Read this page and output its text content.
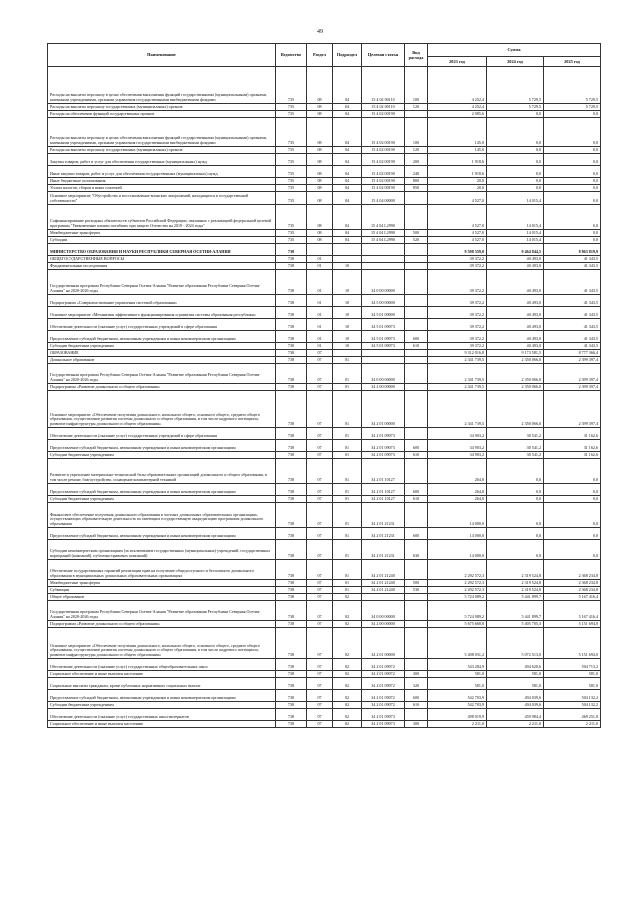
49
Наименование	Ведомство	Раздел	Подраздел	Целевая статья	Вид расхода	Сумма		
						2023 год	2024 год	2025 год
Расходы на выплаты персоналу в целях обеспечения выполнения функций государственными (муниципальными) органами, казенными учреждениями, органами управления государственными внебюджетными фондами	735	08	04	15 4 02 00110	100	4 252,4	5 729,5	5 729,5
Расходы на выплаты персоналу государственных (муниципальных) органов	735	08	04	15 4 02 00110	120	4 252,4	5 729,5	5 729,5
Расходы на обеспечение функций государственных органов	735	08	04	15 4 02 00190		2 085,6	0,0	0,0
Расходы на выплаты персоналу в целях обеспечения выполнения функций государственными (муниципальными) органами, казенными учреждениями, органами управления государственными внебюджетными фондами	735	08	04	15 4 02 00190	100	145,0	0,0	0,0
Расходы на выплаты персоналу государственных (муниципальных) органов	735	08	04	15 4 02 00190	120	145,0	0,0	0,0
Закупка товаров, работ и услуг для обеспечения государственных (муниципальных) нужд	735	08	04	15 4 02 00190	200	1 918,6	0,0	0,0
Иные закупки товаров, работ и услуг для обеспечения государственных (муниципальных) нужд	735	08	04	15 4 02 00190	240	1 918,6	0,0	0,0
Иные бюджетные ассигнования	735	08	04	15 4 02 00190	800	20,0	0,0	0,0
Уплата налогов, сборов и иных платежей	735	08	04	15 4 02 00190	850	20,0	0,0	0,0
Основное мероприятие "Обустройство и восстановление воинских захоронений, находящихся в государственной собственности"	735	08	04	15 4 04 00000		4 527,0	14 015,4	0,0
Софинансирование расходных обязательств субъектов Российской Федерации, связанных с реализацией федеральной целевой программы "Увековечение памяти погибших при защите Отечества на 2019 - 2024 годы"	735	08	04	15 4 04 L2990		4 527,0	14 015,4	0,0
Межбюджетные трансферты	735	08	04	15 4 04 L2990	500	4 527,0	14 015,4	0,0
Субсидии	735	08	04	15 4 04 L2990	520	4 527,0	14 015,4	0,0
МИНИСТЕРСТВО ОБРАЗОВАНИЯ И НАУКИ РЕСПУБЛИКИ СЕВЕРНАЯ ОСЕТИЯ-АЛАНИЯ	738					9 598 359,0	9 464 844,5	8 863 819,9
ОБЩЕГОСУДАРСТВЕННЫЕ ВОПРОСЫ	738	01				39 372,2	40 493,0	41 343,5
Фундаментальные исследования	738	01	10			39 372,2	40 493,0	41 343,5
Государственная программа Республики Северная Осетия-Алания "Развитие образования Республики Северная Осетия-Алания" на 2020-2026 годы	738	01	10	34 0 00 00000		39 372,2	40 493,0	41 343,5
Подпрограмма «Совершенствование управления системой образования»	738	01	10	34 5 00 00000		39 372,2	40 493,0	41 343,5
Основное мероприятие «Механизмы эффективного функционирования и развития системы образования республики»	738	01	10	34 5 01 00000		39 372,2	40 493,0	41 343,5
Обеспечение деятельности (оказание услуг) государственных учреждений в сфере образования	738	01	10	34 5 01 09073		39 372,2	40 493,0	41 343,5
Предоставление субсидий бюджетным, автономным учреждениям и иным некоммерческим организациям	738	01	10	34 5 01 09073	600	39 372,2	40 493,0	41 343,5
Субсидии бюджетным учреждениям	738	01	10	34 5 01 09073	610	39 372,2	40 493,0	41 343,5
ОБРАЗОВАНИЕ	738	07				9 312 016,8	9 173 581,5	8 777 366,4
Дошкольное образование	738	07	01			2 341 739,5	2 350 066,0	2 399 397,4
Государственная программа Республики Северная Осетия-Алания "Развитие образования Республики Северная Осетия-Алания" на 2020-2026 годы	738	07	01	34 0 00 00000		2 341 739,5	2 350 066,0	2 399 397,4
Подпрограмма «Развитие дошкольного и общего образования»	738	07	01	34 2 00 00000		2 341 739,5	2 350 066,0	2 399 397,4
Основное мероприятие «Обеспечение получения дошкольного, начального общего, основного общего, среднего общего образования, осуществление развития системы дошкольного и общего образования, в том числе кадрового потенциала, развитие инфраструктуры дошкольного и общего образования»	738	07	01	34 2 01 00000		2 341 739,5	2 350 066,0	2 399 397,4
Обеспечение деятельности (оказание услуг) государственных учреждений в сфере образования	738	07	01	34 2 01 09073		34 903,2	30 541,2	31 162,6
Предоставление субсидий бюджетным, автономным учреждениям и иным некоммерческим организациям	738	07	01	34 2 01 09073	600	34 903,2	30 541,2	31 162,6
Субсидии бюджетным учреждениям	738	07	01	34 2 01 09073	610	34 903,2	30 541,2	31 162,6
Развитие и укрепление материально-технической базы образовательных организаций дошкольного и общего образования, в том числе ремонт, благоустройство, оснащение компьютерной техникой	738	07	01	34 2 01 10127		264,0	0,0	0,0
Предоставление субсидий бюджетным, автономным учреждениям и иным некоммерческим организациям	738	07	01	34 2 01 10127	600	264,0	0,0	0,0
Субсидии бюджетным учреждениям	738	07	01	34 2 01 10127	610	264,0	0,0	0,0
Финансовое обеспечение получения дошкольного образования в частных дошкольных образовательных организациях, осуществляющих образовательную деятельность по имеющим государственную аккредитацию программам дошкольного образования	738	07	01	34 2 01 21231		14 000,0	0,0	0,0
Предоставление субсидий бюджетным, автономным учреждениям и иным некоммерческим организациям	738	07	01	34 2 01 21231	600	14 000,0	0,0	0,0
Субсидии некоммерческим организациям (за исключением государственных (муниципальных) учреждений, государственных корпораций (компаний), публично-правовых компаний)	738	07	01	34 2 01 21231	630	14 000,0	0,0	0,0
Обеспечение государственных гарантий реализации прав на получение общедоступного и бесплатного дошкольного образования в муниципальных дошкольных образовательных организациях	738	07	01	34 2 01 21240		2 292 572,3	2 319 524,8	2 368 234,8
Межбюджетные трансферты	738	07	01	34 2 01 21240	500	2 292 572,3	2 319 524,8	2 368 234,8
Субвенции	738	07	01	34 2 01 21240	530	2 292 572,3	2 319 524,8	2 368 234,8
Общее образование	738	07	02			5 724 089,2	5 441 899,7	5 167 416,4
Государственная программа Республики Северная Осетия-Алания "Развитие образования Республики Северная Осетия-Алания" на 2020-2026 годы	738	07	02	34 0 00 00000		5 724 089,2	5 441 899,7	5 167 416,4
Подпрограмма «Развитие дошкольного и общего образования»	738	07	02	34 2 00 00000		5 675 668,8	5 405 705,3	5 151 694,0
Основное мероприятие «Обеспечение получения дошкольного, начального общего, основного общего, среднего общего образования, осуществление развития системы дошкольного и общего образования, в том числе кадрового потенциала, развитие инфраструктуры дошкольного и общего образования»	738	07	02	34 2 01 00000		5 408 031,2	5 072 513,0	5 151 694,0
Обеспечение деятельности (оказание услуг) государственных общеобразовательных школ	738	07	02	34 2 01 09072		543 284,9	494 620,6	504 713,2
Социальное обеспечение и иные выплаты населению	738	07	02	34 2 01 09072	300	581,0	581,0	581,0
Социальные выплаты гражданам, кроме публичных нормативных социальных выплат	738	07	02	34 2 01 09072	320	581,0	581,0	581,0
Предоставление субсидий бюджетным, автономным учреждениям и иным некоммерческим организациям	738	07	02	34 2 01 09072	600	542 703,9	494 039,6	504 132,2
Субсидии бюджетным учреждениям	738	07	02	34 2 01 09072	610	542 703,9	494 039,6	504 132,2
Обеспечение деятельности (оказание услуг) государственных школ-интернатов	738	07	02	34 2 01 09073		498 019,9	459 984,4	469 251,8
Социальное обеспечение и иные выплаты населению	738	07	02	34 2 01 09073	300	2 211,0	2 211,0	2 211,0
